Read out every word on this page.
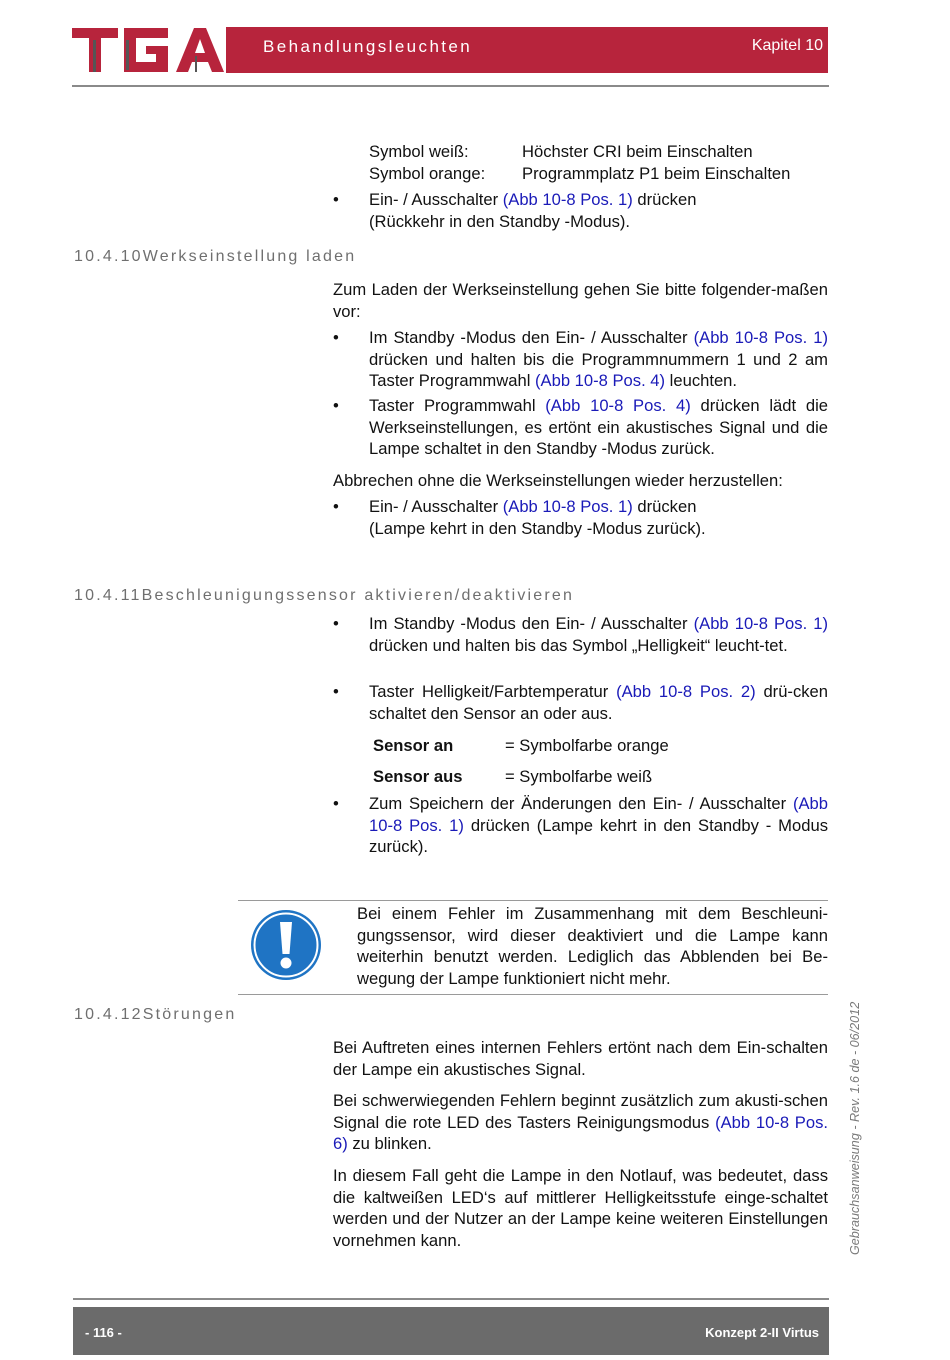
Behandlungsleuchten	Kapitel 10
Symbol weiß:	Höchster CRI beim Einschalten
Symbol orange: Programmplatz P1 beim Einschalten
• Ein- / Ausschalter (Abb 10-8 Pos. 1) drücken
(Rückkehr in den Standby -Modus).
10.4.10Werkseinstellung laden
Zum Laden der Werkseinstellung gehen Sie bitte folgender-maßen vor:
• Im Standby -Modus den Ein- / Ausschalter (Abb 10-8 Pos. 1) drücken und halten bis die Programmnummern 1 und 2 am Taster Programmwahl (Abb 10-8 Pos. 4) leuchten.
• Taster Programmwahl (Abb 10-8 Pos. 4) drücken lädt die Werkseinstellungen, es ertönt ein akustisches Signal und die Lampe schaltet in den Standby -Modus zurück.
Abbrechen ohne die Werkseinstellungen wieder herzustellen:
• Ein- / Ausschalter (Abb 10-8 Pos. 1) drücken
(Lampe kehrt in den Standby -Modus zurück).
10.4.11Beschleunigungssensor aktivieren/deaktivieren
• Im Standby -Modus den Ein- / Ausschalter (Abb 10-8 Pos. 1) drücken und halten bis das Symbol „Helligkeit“ leucht-tet.
• Taster Helligkeit/Farbtemperatur (Abb 10-8 Pos. 2) drü-cken schaltet den Sensor an oder aus.
Sensor an	= Symbolfarbe orange
Sensor aus	= Symbolfarbe weiß
• Zum Speichern der Änderungen den Ein- / Ausschalter (Abb 10-8 Pos. 1) drücken (Lampe kehrt in den Standby - Modus zurück).
Bei einem Fehler im Zusammenhang mit dem Beschleuni-gungssensor, wird dieser deaktiviert und die Lampe kann weiterhin benutzt werden. Lediglich das Abblenden bei Be-wegung der Lampe funktioniert nicht mehr.
10.4.12Störungen
Bei Auftreten eines internen Fehlers ertönt nach dem Ein-schalten der Lampe ein akustisches Signal.
Bei schwerwiegenden Fehlern beginnt zusätzlich zum akusti-schen Signal die rote LED des Tasters Reinigungsmodus (Abb 10-8 Pos. 6) zu blinken.
In diesem Fall geht die Lampe in den Notlauf, was bedeutet, dass die kaltweißen LED‘s auf mittlerer Helligkeitsstufe einge-schaltet werden und der Nutzer an der Lampe keine weiteren Einstellungen vornehmen kann.	Gebrauchsanweisung - Rev. 1.6 de - 06/2012
- 116 -	Konzept 2-II Virtus
